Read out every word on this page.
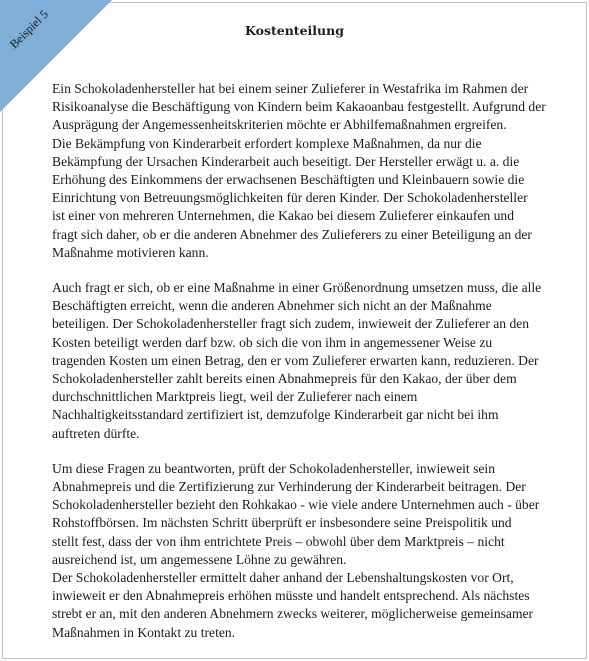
Beispiel 5	Kostenteilung
Ein Schokoladenhersteller hat bei einem seiner Zulieferer in Westafrika im Rahmen der
Risikoanalyse die Beschäftigung von Kindern beim Kakaoanbau festgestellt. Aufgrund der
Ausprägung der Angemessenheitskriterien möchte er Abhilfemaßnahmen ergreifen.
Die Bekämpfung von Kinderarbeit erfordert komplexe Maßnahmen, da nur die
Bekämpfung der Ursachen Kinderarbeit auch beseitigt. Der Hersteller erwägt u. a. die
Erhöhung des Einkommens der erwachsenen Beschäftigten und Kleinbauern sowie die
Einrichtung von Betreuungsmöglichkeiten für deren Kinder. Der Schokoladenhersteller
ist einer von mehreren Unternehmen, die Kakao bei diesem Zulieferer einkaufen und
fragt sich daher, ob er die anderen Abnehmer des Zulieferers zu einer Beteiligung an der
Maßnahme motivieren kann.
Auch fragt er sich, ob er eine Maßnahme in einer Größenordnung umsetzen muss, die alle
Beschäftigten erreicht, wenn die anderen Abnehmer sich nicht an der Maßnahme
beteiligen. Der Schokoladenhersteller fragt sich zudem, inwieweit der Zulieferer an den
Kosten beteiligt werden darf bzw. ob sich die von ihm in angemessener Weise zu
tragenden Kosten um einen Betrag, den er vom Zulieferer erwarten kann, reduzieren. Der
Schokoladenhersteller zahlt bereits einen Abnahmepreis für den Kakao, der über dem
durchschnittlichen Marktpreis liegt, weil der Zulieferer nach einem
Nachhaltigkeitsstandard zertifiziert ist, demzufolge Kinderarbeit gar nicht bei ihm
auftreten dürfte.
Um diese Fragen zu beantworten, prüft der Schokoladenhersteller, inwieweit sein
Abnahmepreis und die Zertifizierung zur Verhinderung der Kinderarbeit beitragen. Der
Schokoladenhersteller bezieht den Rohkakao - wie viele andere Unternehmen auch - über
Rohstoffbörsen. Im nächsten Schritt überprüft er insbesondere seine Preispolitik und
stellt fest, dass der von ihm entrichtete Preis – obwohl über dem Marktpreis – nicht
ausreichend ist, um angemessene Löhne zu gewähren.
Der Schokoladenhersteller ermittelt daher anhand der Lebenshaltungskosten vor Ort,
inwieweit er den Abnahmepreis erhöhen müsste und handelt entsprechend. Als nächstes
strebt er an, mit den anderen Abnehmern zwecks weiterer, möglicherweise gemeinsamer
Maßnahmen in Kontakt zu treten.
